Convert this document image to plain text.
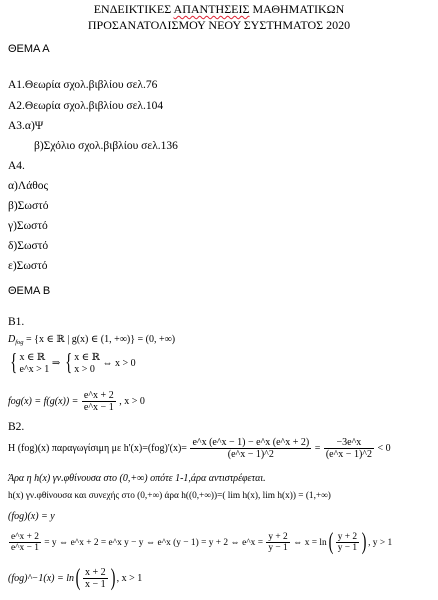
ΕΝΔΕΙΚΤΙΚΕΣ ΑΠΑΝΤΗΣΕΙΣ ΜΑΘΗΜΑΤΙΚΩΝ
ΠΡΟΣΑΝΑΤΟΛΙΣΜΟΥ ΝΕΟΥ ΣΥΣΤΗΜΑΤΟΣ 2020
ΘΕΜΑ Α
Α1.Θεωρία σχολ.βιβλίου σελ.76
Α2.Θεωρία σχολ.βιβλίου σελ.104
Α3.α)Ψ
β)Σχόλιο σχολ.βιβλίου σελ.136
Α4.
α)Λάθος
β)Σωστό
γ)Σωστό
δ)Σωστό
ε)Σωστό
ΘΕΜΑ Β
Β1.
$D_{fog} = \{x$ ∈ ℝ | g(x) ∈ (1, +∞)} = (0, +∞)
{ x ∈ ℝ
e^x > 1
⇒ { x ∈ ℝ
x > 0
⇔ x > 0
$fog(x) = f(g(x)) = \frac{e\^{}x + 2}{e\^{}x - 1}$ , x > 0
Β2.
Η (fog)(x) παραγωγίσιμη με $h'(x)=(fog)'(x)= \frac{e\^{}x (e\^{}x - 1) - e\^{}x (e\^{}x + 2)}{(e\^{}x - 1)\^{}2} = \frac{-3e\^{}x}{(e\^{}x - 1)\^{}2} < 0$
Άρα η h(x) γν.φθίνουσα στο (0,+∞) οπότε 1-1,άρα αντιστρέφεται.
h(x) γν.φθίνουσα και συνεχής στο (0,+∞) άρα h((0,+∞))=( lim h(x), lim h(x)) = (1,+∞)
(fog)(x) = y
$\frac{e\^{}x + 2}{e\^{}x - 1} = y$ ⇔ e^x + 2 = e^x y − y ⇔ e^x (y − 1) = y + 2 ⇔ e^x = $\frac{y + 2}{y - 1}$ ⇔ $x = \ln( \frac{y + 2}{y - 1}$ ) , y > 1
(fog)^−1(x) = $\ln( \frac{x + 2}{x - 1}$ ) , x > 1
